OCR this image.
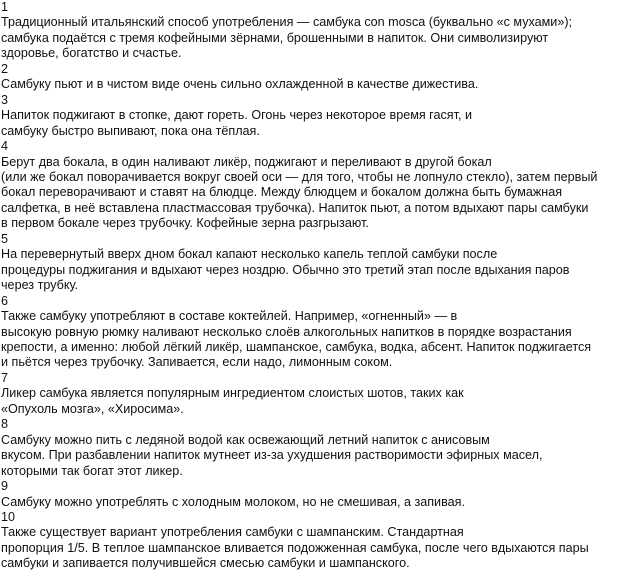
1
Традиционный итальянский способ употребления — самбука con mosca (буквально «с мухами»);
самбука подаётся с тремя кофейными зёрнами, брошенными в напиток. Они символизируют
здоровье, богатство и счастье.
2
Самбуку пьют и в чистом виде очень сильно охлажденной в качестве дижестива.
3
Напиток поджигают в стопке, дают гореть. Огонь через некоторое время гасят, и
самбуку быстро выпивают, пока она тёплая.
4
Берут два бокала, в один наливают ликёр, поджигают и переливают в другой бокал
(или же бокал поворачивается вокруг своей оси — для того, чтобы не лопнуло стекло), затем первый
бокал переворачивают и ставят на блюдце. Между блюдцем и бокалом должна быть бумажная
салфетка, в неё вставлена пластмассовая трубочка). Напиток пьют, а потом вдыхают пары самбуки
в первом бокале через трубочку. Кофейные зерна разгрызают.
5
На перевернутый вверх дном бокал капают несколько капель теплой самбуки после
процедуры поджигания и вдыхают через ноздрю. Обычно это третий этап после вдыхания паров
через трубку.
6
Также самбуку употребляют в составе коктейлей. Например, «огненный» — в
высокую ровную рюмку наливают несколько слоёв алкогольных напитков в порядке возрастания
крепости, а именно: любой лёгкий ликёр, шампанское, самбука, водка, абсент. Напиток поджигается
и пьётся через трубочку. Запивается, если надо, лимонным соком.
7
Ликер самбука является популярным ингредиентом слоистых шотов, таких как
«Опухоль мозга», «Хиросима».
8
Самбуку можно пить с ледяной водой как освежающий летний напиток с анисовым
вкусом. При разбавлении напиток мутнеет из-за ухудшения растворимости эфирных масел,
которыми так богат этот ликер.
9
Самбуку можно употреблять с холодным молоком, но не смешивая, а запивая.
10
Также существует вариант употребления самбуки с шампанским. Стандартная
пропорция 1/5. В теплое шампанское вливается подожженная самбука, после чего вдыхаются пары
самбуки и запивается получившейся смесью самбуки и шампанского.
